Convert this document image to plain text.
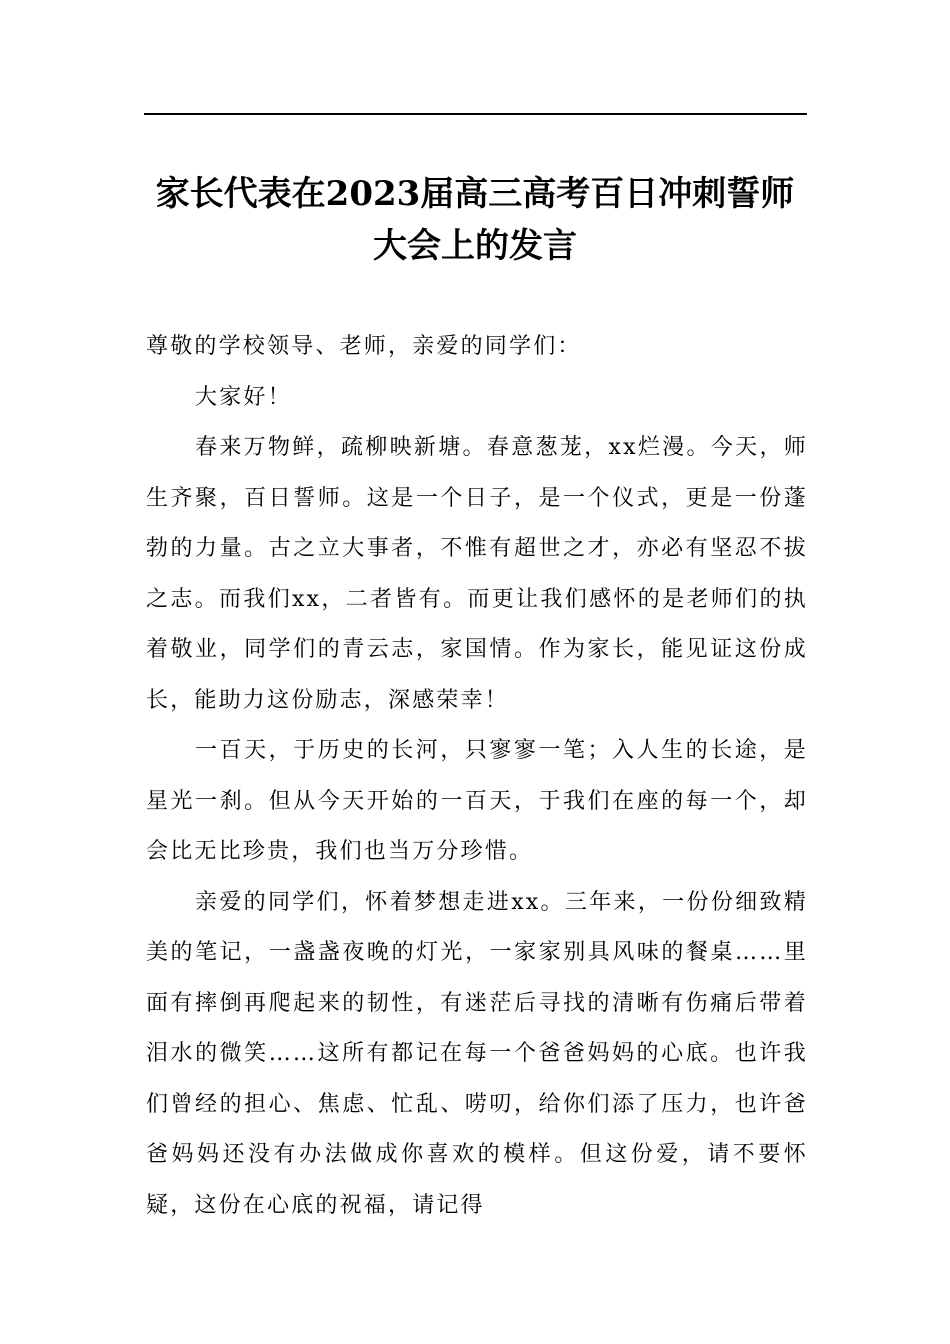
家长代表在2023届高三高考百日冲刺誓师
大会上的发言

尊敬的学校领导、老师，亲爱的同学们：

大家好！

春来万物鲜，疏柳映新塘。春意葱茏，xx烂漫。今天，师生齐聚，百日誓师。这是一个日子，是一个仪式，更是一份蓬勃的力量。古之立大事者，不惟有超世之才，亦必有坚忍不拔之志。而我们xx，二者皆有。而更让我们感怀的是老师们的执着敬业，同学们的青云志，家国情。作为家长，能见证这份成长，能助力这份励志，深感荣幸！

一百天，于历史的长河，只寥寥一笔；入人生的长途，是星光一刹。但从今天开始的一百天，于我们在座的每一个，却会比无比珍贵，我们也当万分珍惜。

亲爱的同学们，怀着梦想走进xx。三年来，一份份细致精美的笔记，一盏盏夜晚的灯光，一家家别具风味的餐桌……里面有摔倒再爬起来的韧性，有迷茫后寻找的清晰有伤痛后带着泪水的微笑……这所有都记在每一个爸爸妈妈的心底。也许我们曾经的担心、焦虑、忙乱、唠叨，给你们添了压力，也许爸爸妈妈还没有办法做成你喜欢的模样。但这份爱，请不要怀疑，这份在心底的祝福，请记得
